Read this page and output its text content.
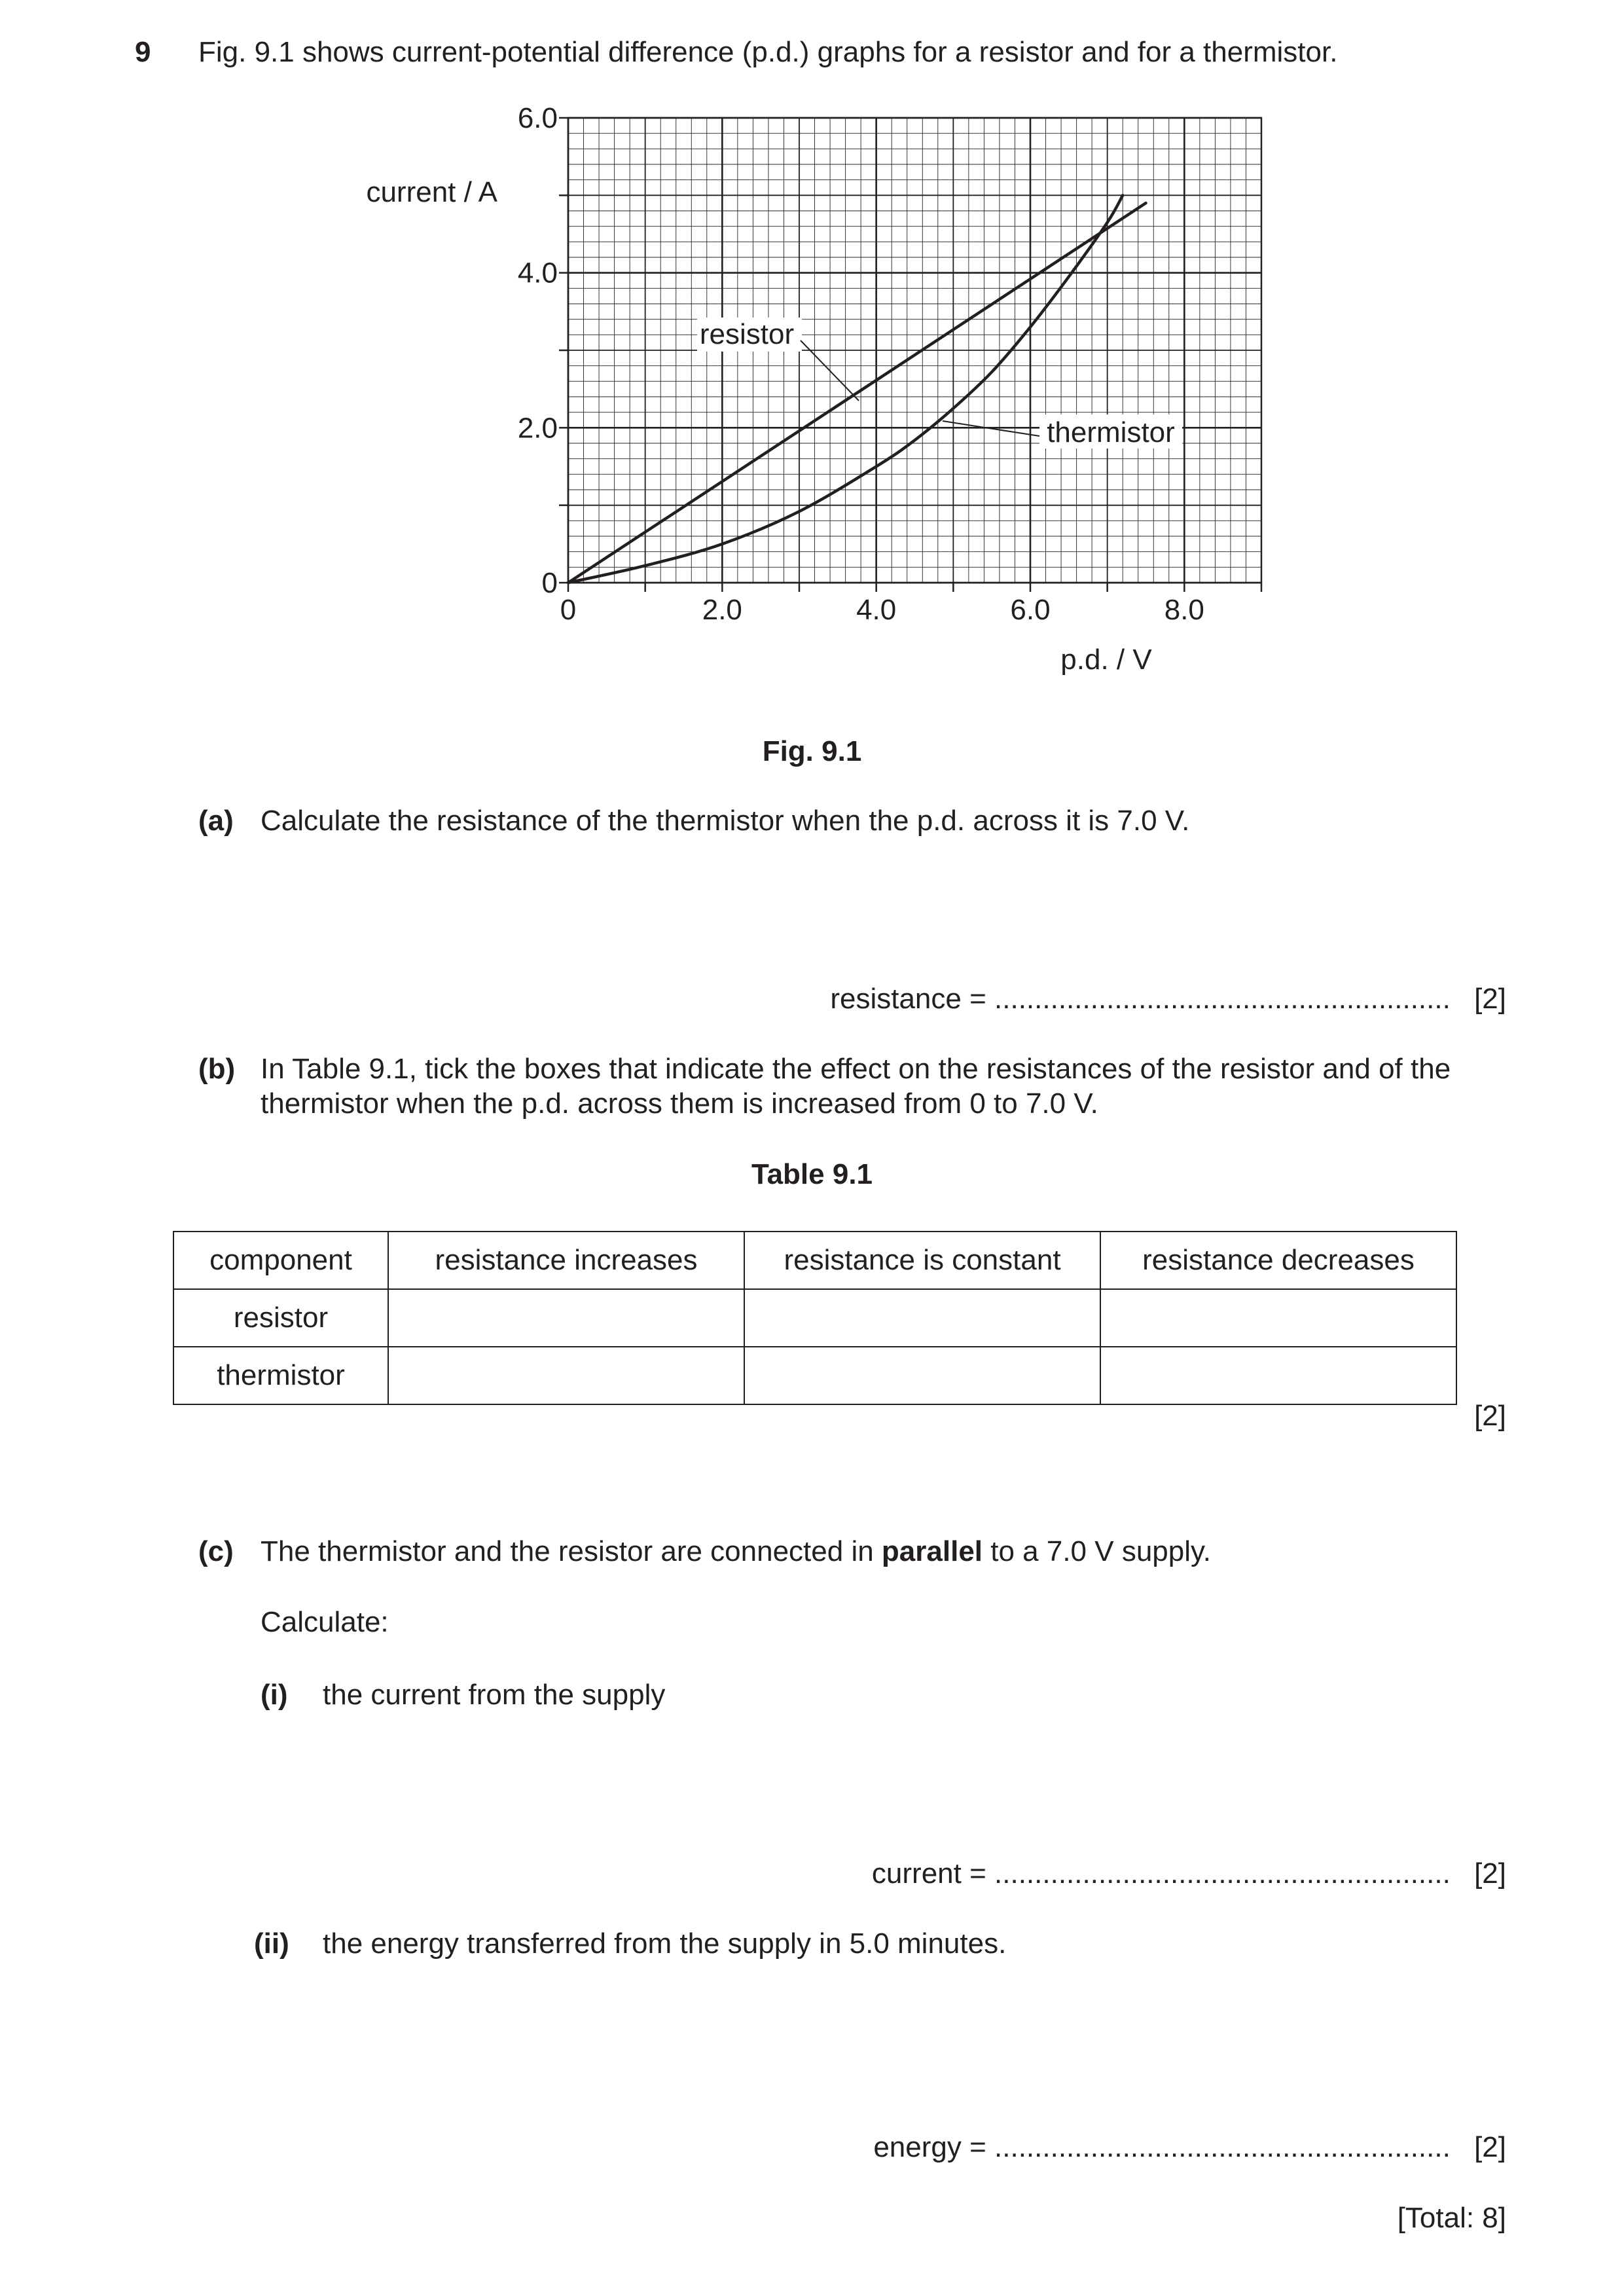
9 Fig. 9.1 shows current-potential difference (p.d.) graphs for a resistor and for a thermistor.
0	2.0	4.0	6.0	8.0
0
2.0
4.0
6.0
current / A
p.d. / V
resistor
thermistor
Fig. 9.1
(a) Calculate the resistance of the thermistor when the p.d. across it is 7.0 V.
resistance = ......................................................... [2]
(b) In Table 9.1, tick the boxes that indicate the effect on the resistances of the resistor and of the
thermistor when the p.d. across them is increased from 0 to 7.0 V.
Table 9.1
component	resistance increases	resistance is constant	resistance decreases
resistor			
thermistor			
[2]
(c) The thermistor and the resistor are connected in parallel to a 7.0 V supply.
Calculate:
(i) the current from the supply
current = ......................................................... [2]
(ii) the energy transferred from the supply in 5.0 minutes.
energy = ......................................................... [2]
[Total: 8]
